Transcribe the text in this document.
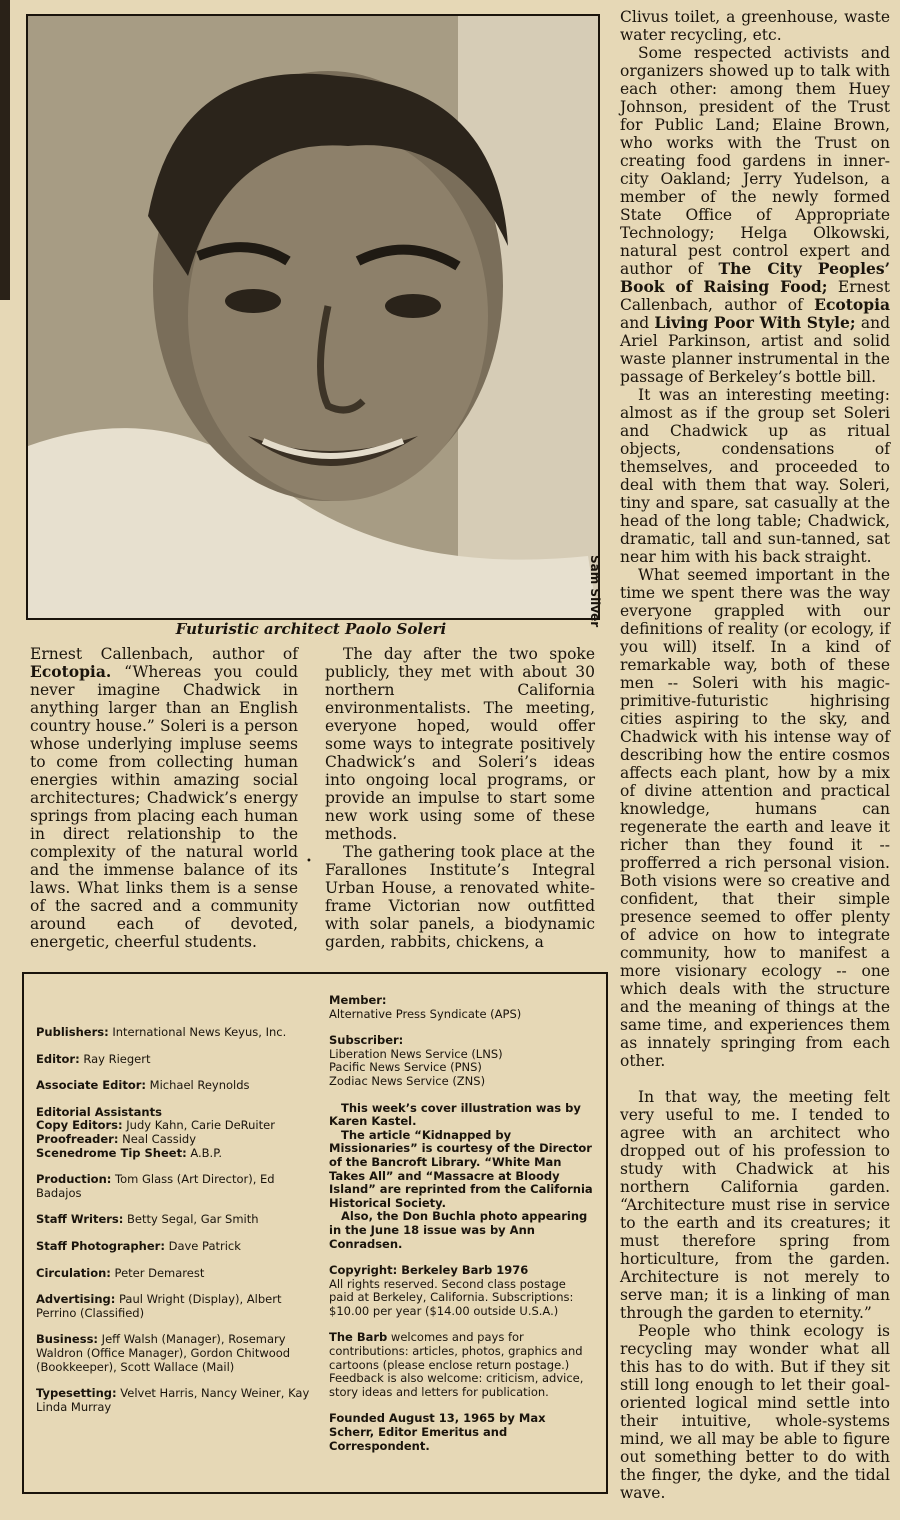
Sam Silver
Futuristic architect Paolo Soleri

Ernest Callenbach, author of Ecotopia. “Whereas you could never imagine Chadwick in anything larger than an English country house.” Soleri is a person whose underlying impluse seems to come from collecting human energies within amazing social architectures; Chadwick’s energy springs from placing each human in direct relationship to the complexity of the natural world and the immense balance of its laws. What links them is a sense of the sacred and a community around each of devoted, energetic, cheerful students.

•

The day after the two spoke publicly, they met with about 30 northern California environmentalists. The meeting, everyone hoped, would offer some ways to integrate positively Chadwick’s and Soleri’s ideas into ongoing local programs, or provide an impulse to start some new work using some of these methods.

The gathering took place at the Farallones Institute’s Integral Urban House, a renovated white-frame Victorian now outfitted with solar panels, a biodynamic garden, rabbits, chickens, a

Clivus toilet, a greenhouse, waste water recycling, etc.

Some respected activists and organizers showed up to talk with each other: among them Huey Johnson, president of the Trust for Public Land; Elaine Brown, who works with the Trust on creating food gardens in inner-city Oakland; Jerry Yudelson, a member of the newly formed State Office of Appropriate Technology; Helga Olkowski, natural pest control expert and author of The City Peoples’ Book of Raising Food; Ernest Callenbach, author of Ecotopia and Living Poor With Style; and Ariel Parkinson, artist and solid waste planner instrumental in the passage of Berkeley’s bottle bill.

It was an interesting meeting: almost as if the group set Soleri and Chadwick up as ritual objects, condensations of themselves, and proceeded to deal with them that way. Soleri, tiny and spare, sat casually at the head of the long table; Chadwick, dramatic, tall and sun-tanned, sat near him with his back straight.

What seemed important in the time we spent there was the way everyone grappled with our definitions of reality (or ecology, if you will) itself. In a kind of remarkable way, both of these men -- Soleri with his magic-primitive-futuristic highrising cities aspiring to the sky, and Chadwick with his intense way of describing how the entire cosmos affects each plant, how by a mix of divine attention and practical knowledge, humans can regenerate the earth and leave it richer than they found it -- profferred a rich personal vision. Both visions were so creative and confident, that their simple presence seemed to offer plenty of advice on how to integrate community, how to manifest a more visionary ecology -- one which deals with the structure and the meaning of things at the same time, and experiences them as innately springing from each other.

In that way, the meeting felt very useful to me. I tended to agree with an architect who dropped out of his profession to study with Chadwick at his northern California garden. “Architecture must rise in service to the earth and its creatures; it must therefore spring from horticulture, from the garden. Architecture is not merely to serve man; it is a linking of man through the garden to eternity.”

People who think ecology is recycling may wonder what all this has to do with. But if they sit still long enough to let their goal-oriented logical mind settle into their intuitive, whole-systems mind, we all may be able to figure out something better to do with the finger, the dyke, and the tidal wave.

Publishers: International News Keyus, Inc.

Editor: Ray Riegert

Associate Editor: Michael Reynolds

Editorial Assistants
Copy Editors: Judy Kahn, Carie DeRuiter
Proofreader: Neal Cassidy
Scenedrome Tip Sheet: A.B.P.

Production: Tom Glass (Art Director), Ed Badajos

Staff Writers: Betty Segal, Gar Smith

Staff Photographer: Dave Patrick

Circulation: Peter Demarest

Advertising: Paul Wright (Display), Albert Perrino (Classified)

Business: Jeff Walsh (Manager), Rosemary Waldron (Office Manager), Gordon Chitwood (Bookkeeper), Scott Wallace (Mail)

Typesetting: Velvet Harris, Nancy Weiner, Kay Linda Murray

Member:
Alternative Press Syndicate (APS)

Subscriber:
Liberation News Service (LNS)
Pacific News Service (PNS)
Zodiac News Service (ZNS)

This week’s cover illustration was by Karen Kastel.

The article “Kidnapped by Missionaries” is courtesy of the Director of the Bancroft Library. “White Man Takes All” and “Massacre at Bloody Island” are reprinted from the California Historical Society.

Also, the Don Buchla photo appearing in the June 18 issue was by Ann Conradsen.

Copyright: Berkeley Barb 1976
All rights reserved. Second class postage paid at Berkeley, California. Subscriptions: $10.00 per year ($14.00 outside U.S.A.)

The Barb welcomes and pays for contributions: articles, photos, graphics and cartoons (please enclose return postage.) Feedback is also welcome: criticism, advice, story ideas and letters for publication.

Founded August 13, 1965 by Max Scherr, Editor Emeritus and Correspondent.
